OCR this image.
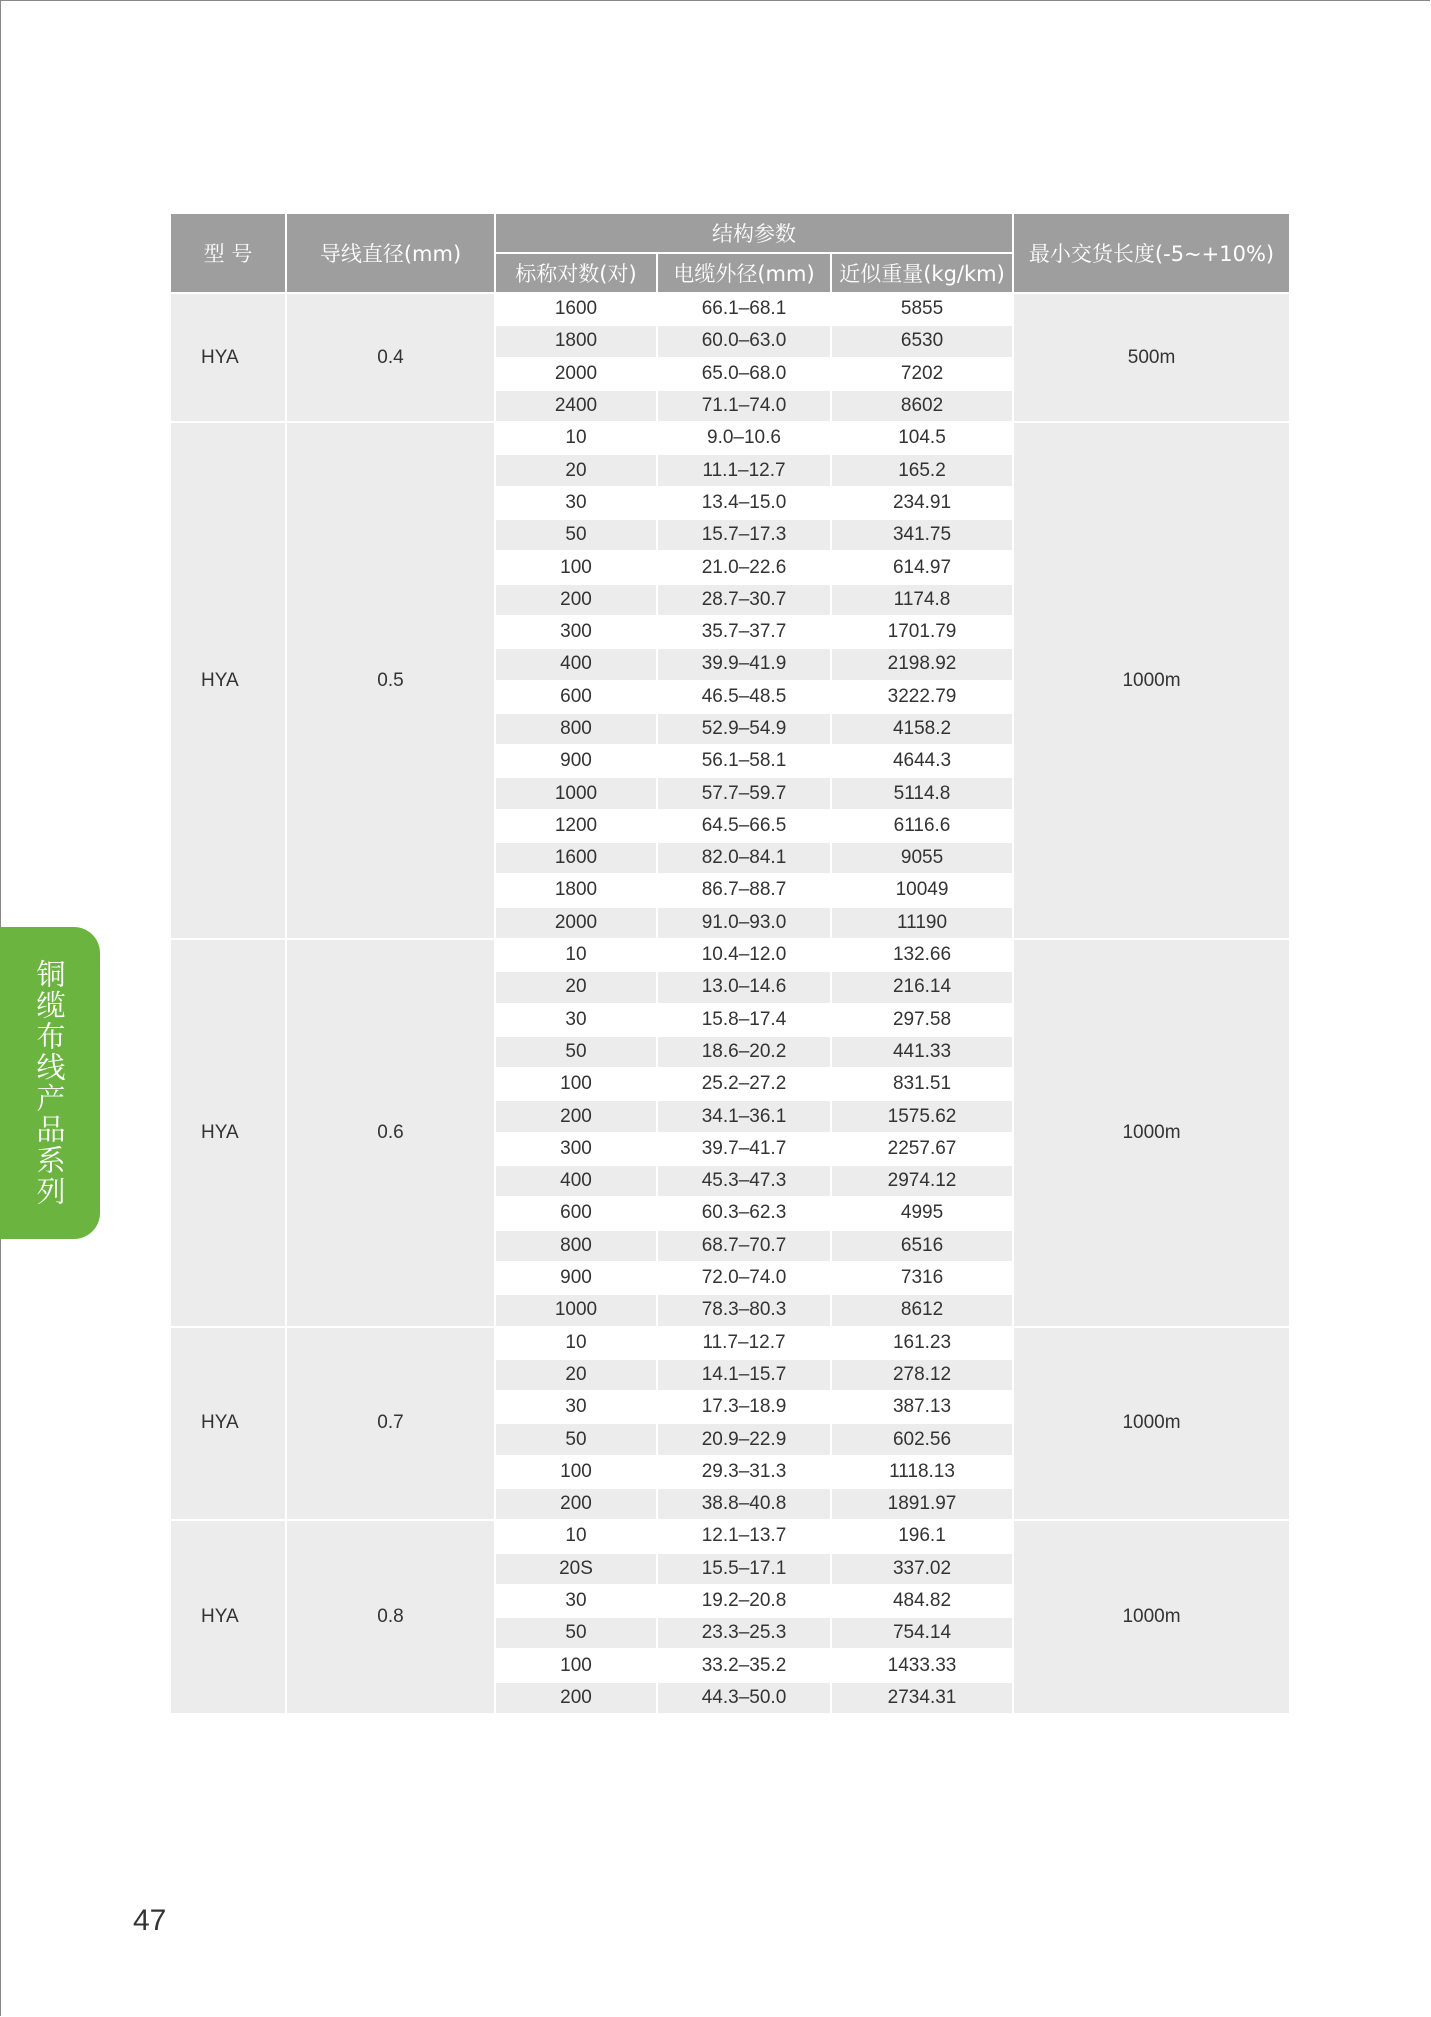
铜缆布线产品系列
型 号	导线直径(mm)	结构参数			最小交货长度(-5~+10%)
		标称对数(对)	电缆外径(mm)	近似重量(kg/km)	
HYA	0.4	1600	66.1–68.1	5855	500m
		1800	60.0–63.0	6530	
		2000	65.0–68.0	7202	
		2400	71.1–74.0	8602	
HYA	0.5	10	9.0–10.6	104.5	1000m
		20	11.1–12.7	165.2	
		30	13.4–15.0	234.91	
		50	15.7–17.3	341.75	
		100	21.0–22.6	614.97	
		200	28.7–30.7	1174.8	
		300	35.7–37.7	1701.79	
		400	39.9–41.9	2198.92	
		600	46.5–48.5	3222.79	
		800	52.9–54.9	4158.2	
		900	56.1–58.1	4644.3	
		1000	57.7–59.7	5114.8	
		1200	64.5–66.5	6116.6	
		1600	82.0–84.1	9055	
		1800	86.7–88.7	10049	
		2000	91.0–93.0	11190	
HYA	0.6	10	10.4–12.0	132.66	1000m
		20	13.0–14.6	216.14	
		30	15.8–17.4	297.58	
		50	18.6–20.2	441.33	
		100	25.2–27.2	831.51	
		200	34.1–36.1	1575.62	
		300	39.7–41.7	2257.67	
		400	45.3–47.3	2974.12	
		600	60.3–62.3	4995	
		800	68.7–70.7	6516	
		900	72.0–74.0	7316	
		1000	78.3–80.3	8612	
HYA	0.7	10	11.7–12.7	161.23	1000m
		20	14.1–15.7	278.12	
		30	17.3–18.9	387.13	
		50	20.9–22.9	602.56	
		100	29.3–31.3	1118.13	
		200	38.8–40.8	1891.97	
HYA	0.8	10	12.1–13.7	196.1	1000m
		20S	15.5–17.1	337.02	
		30	19.2–20.8	484.82	
		50	23.3–25.3	754.14	
		100	33.2–35.2	1433.33	
		200	44.3–50.0	2734.31	
47
